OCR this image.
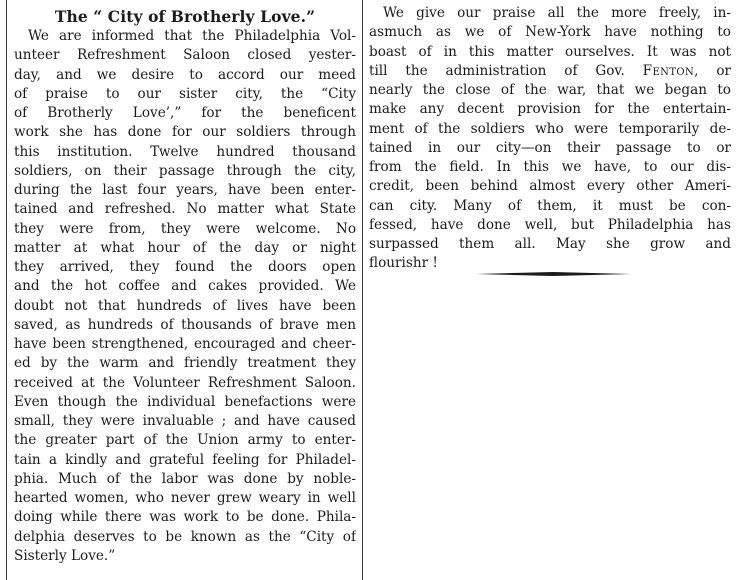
The “ City of Brotherly Love.”
We are informed that the Philadelphia Vol-
unteer Refreshment Saloon closed yester-
day, and we desire to accord our meed
of praise to our sister city, the “City
of Brotherly Love’,” for the beneficent
work she has done for our soldiers through
this institution. Twelve hundred thousand
soldiers, on their passage through the city,
during the last four years, have been enter-
tained and refreshed. No matter what State
they were from, they were welcome. No
matter at what hour of the day or night
they arrived, they found the doors open
and the hot coffee and cakes provided. We
doubt not that hundreds of lives have been
saved, as hundreds of thousands of brave men
have been strengthened, encouraged and cheer-
ed by the warm and friendly treatment they
received at the Volunteer Refreshment Saloon.
Even though the individual benefactions were
small, they were invaluable ; and have caused
the greater part of the Union army to enter-
tain a kindly and grateful feeling for Philadel-
phia. Much of the labor was done by noble-
hearted women, who never grew weary in well
doing while there was work to be done. Phila-
delphia deserves to be known as the “City of
Sisterly Love.”
We give our praise all the more freely, in-
asmuch as we of New-York have nothing to
boast of in this matter ourselves. It was not
till the administration of Gov. Fenton, or
nearly the close of the war, that we began to
make any decent provision for the entertain-
ment of the soldiers who were temporarily de-
tained in our city—on their passage to or
from the field. In this we have, to our dis-
credit, been behind almost every other Ameri-
can city. Many of them, it must be con-
fessed, have done well, but Philadelphia has
surpassed them all. May she grow and
flourishr !
